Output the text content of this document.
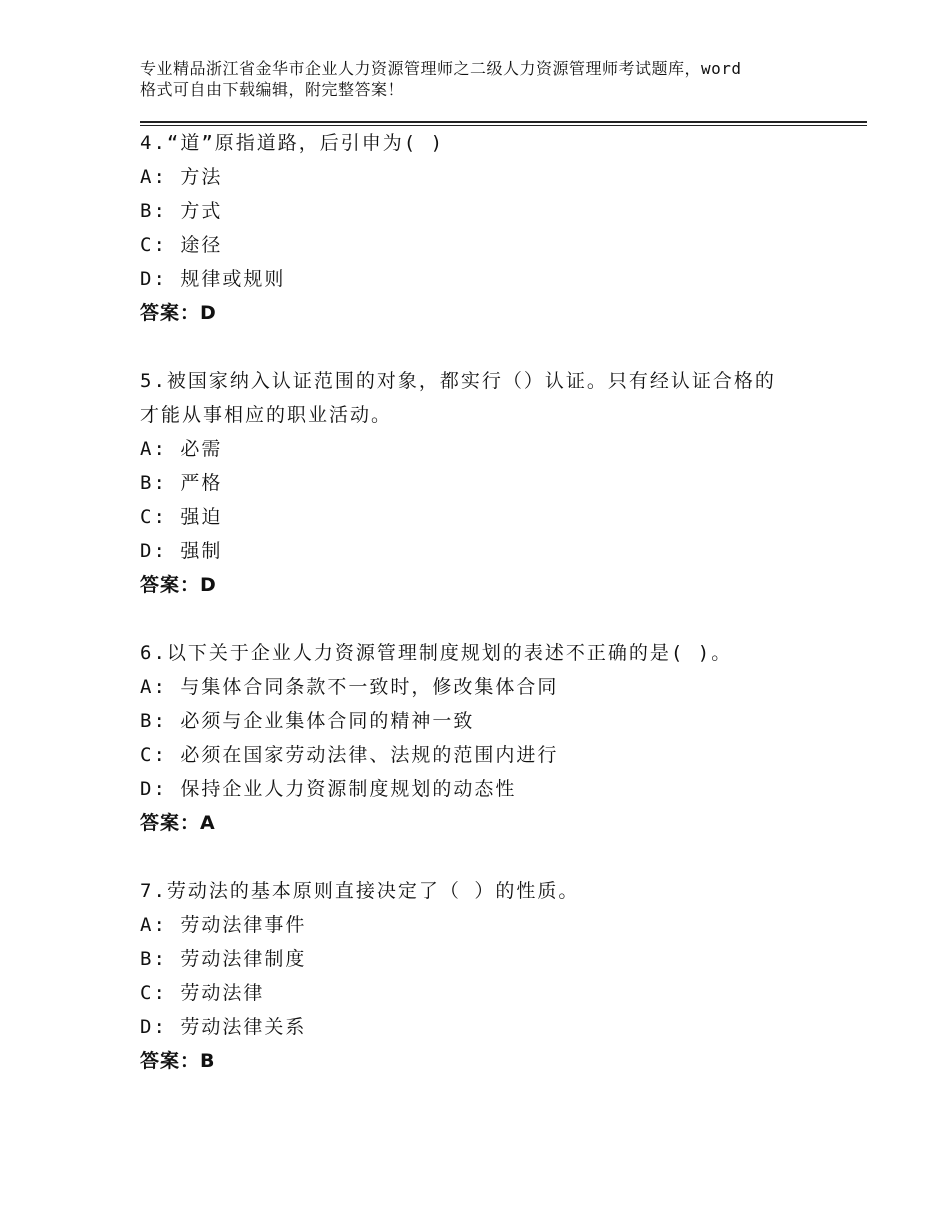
专业精品浙江省金华市企业人力资源管理师之二级人力资源管理师考试题库，word
格式可自由下载编辑，附完整答案！
4.“道”原指道路，后引申为( )
A: 方法
B: 方式
C: 途径
D: 规律或规则
答案：D
5.被国家纳入认证范围的对象，都实行（）认证。只有经认证合格的
才能从事相应的职业活动。
A: 必需
B: 严格
C: 强迫
D: 强制
答案：D
6.以下关于企业人力资源管理制度规划的表述不正确的是( )。
A: 与集体合同条款不一致时，修改集体合同
B: 必须与企业集体合同的精神一致
C: 必须在国家劳动法律、法规的范围内进行
D: 保持企业人力资源制度规划的动态性
答案：A
7.劳动法的基本原则直接决定了（ ）的性质。
A: 劳动法律事件
B: 劳动法律制度
C: 劳动法律
D: 劳动法律关系
答案：B
